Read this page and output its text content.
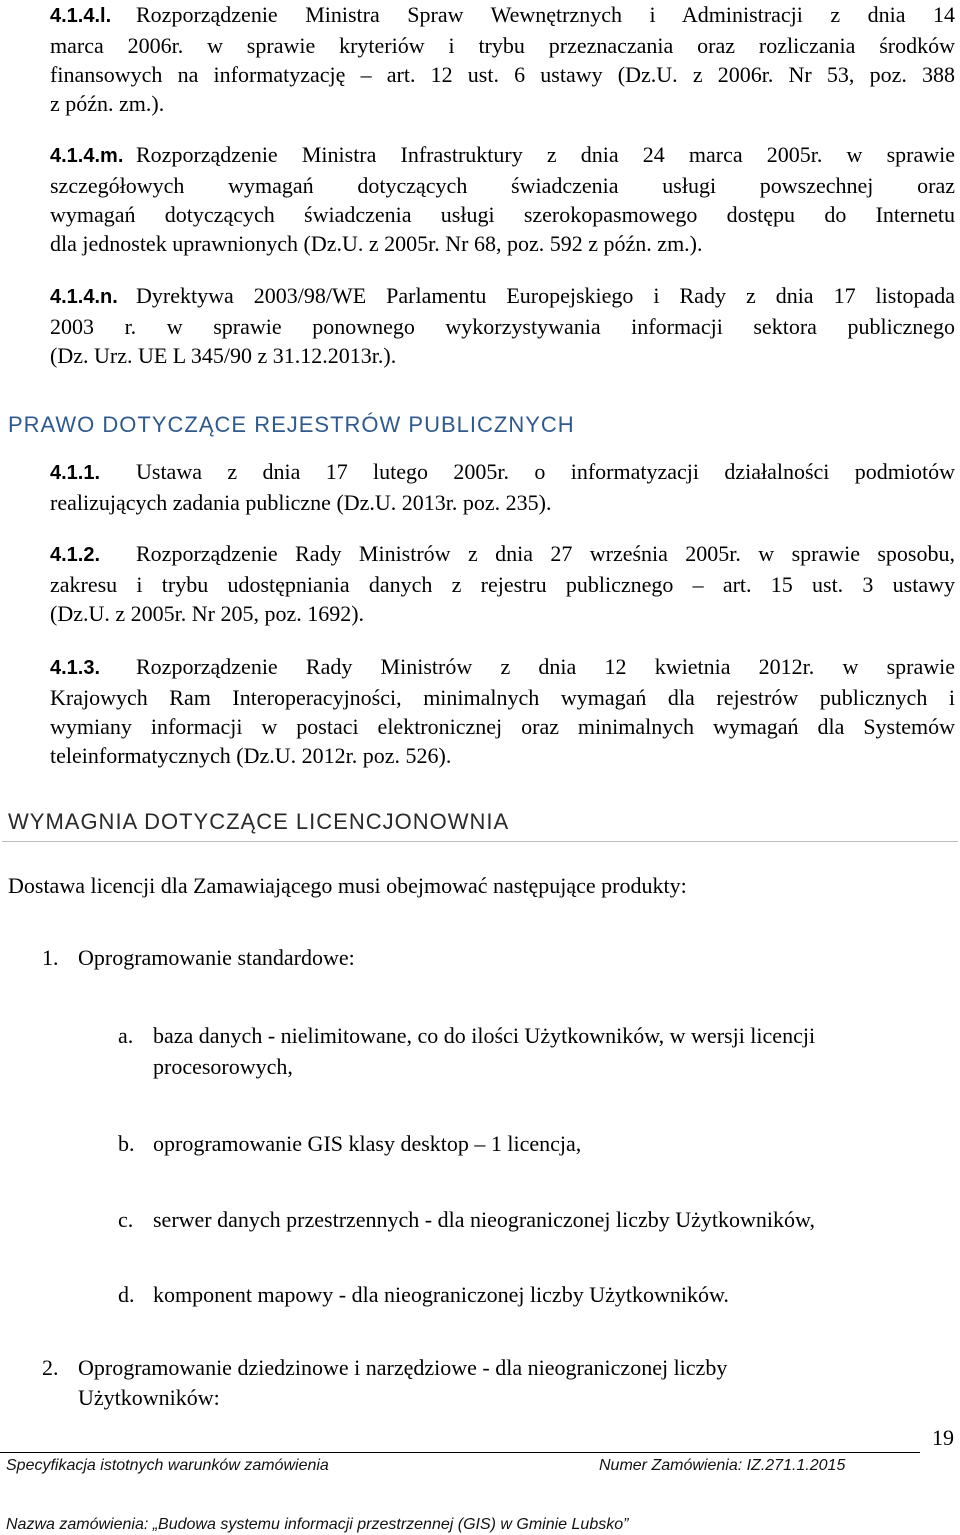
4.1.4.l.	Rozporządzenie Ministra Spraw Wewnętrznych i Administracji z dnia 14
marca 2006r. w sprawie kryteriów i trybu przeznaczania oraz rozliczania środków
finansowych na informatyzację – art. 12 ust. 6 ustawy (Dz.U. z 2006r. Nr 53, poz. 388
z późn. zm.).
4.1.4.m. Rozporządzenie Ministra Infrastruktury z dnia 24 marca 2005r. w sprawie
szczegółowych wymagań dotyczących świadczenia usługi powszechnej oraz
wymagań dotyczących świadczenia usługi szerokopasmowego dostępu do Internetu
dla jednostek uprawnionych (Dz.U. z 2005r. Nr 68, poz. 592 z późn. zm.).
4.1.4.n. Dyrektywa 2003/98/WE Parlamentu Europejskiego i Rady z dnia 17 listopada
2003 r. w sprawie ponownego wykorzystywania informacji sektora publicznego
(Dz. Urz. UE L 345/90 z 31.12.2013r.).
PRAWO DOTYCZĄCE REJESTRÓW PUBLICZNYCH
4.1.1.	Ustawa z dnia 17 lutego 2005r. o informatyzacji działalności podmiotów
realizujących zadania publiczne (Dz.U. 2013r. poz. 235).
4.1.2.	Rozporządzenie Rady Ministrów z dnia 27 września 2005r. w sprawie sposobu,
zakresu i trybu udostępniania danych z rejestru publicznego – art. 15 ust. 3 ustawy
(Dz.U. z 2005r. Nr 205, poz. 1692).
4.1.3.	Rozporządzenie Rady Ministrów z dnia 12 kwietnia 2012r. w sprawie
Krajowych Ram Interoperacyjności, minimalnych wymagań dla rejestrów publicznych i
wymiany informacji w postaci elektronicznej oraz minimalnych wymagań dla Systemów
teleinformatycznych (Dz.U. 2012r. poz. 526).
WYMAGNIA DOTYCZĄCE LICENCJONOWNIA
Dostawa licencji dla Zamawiającego musi obejmować następujące produkty:
1. Oprogramowanie standardowe:
a. baza danych - nielimitowane, co do ilości Użytkowników, w wersji licencji
procesorowych,
b. oprogramowanie GIS klasy desktop – 1 licencja,
c. serwer danych przestrzennych - dla nieograniczonej liczby Użytkowników,
d. komponent mapowy - dla nieograniczonej liczby Użytkowników.
2. Oprogramowanie dziedzinowe i narzędziowe - dla nieograniczonej liczby
Użytkowników:
19
Specyfikacja istotnych warunków zamówienia	Numer Zamówienia: IZ.271.1.2015
Nazwa zamówienia: „Budowa systemu informacji przestrzennej (GIS) w Gminie Lubsko”
